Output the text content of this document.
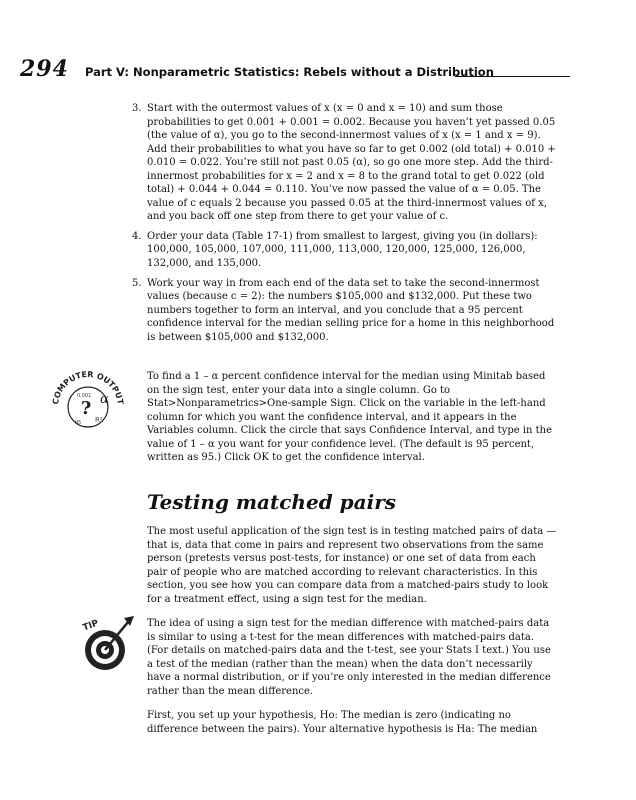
294 Part V: Nonparametric Statistics: Rebels without a Distribution
3. Start with the outermost values of x (x = 0 and x = 10) and sum those probabilities to get 0.001 + 0.001 = 0.002. Because you haven’t yet passed 0.05 (the value of α), you go to the second-innermost values of x (x = 1 and x = 9). Add their probabilities to what you have so far to get 0.002 (old total) + 0.010 + 0.010 = 0.022. You’re still not past 0.05 (α), so go one more step. Add the third-innermost probabilities for x = 2 and x = 8 to the grand total to get 0.022 (old total) + 0.044 + 0.044 = 0.110. You’ve now passed the value of α = 0.05. The value of c equals 2 because you passed 0.05 at the third-innermost values of x, and you back off one step from there to get your value of c.
4. Order your data (Table 17-1) from smallest to largest, giving you (in dollars): 100,000, 105,000, 107,000, 111,000, 113,000, 120,000, 125,000, 126,000, 132,000, and 135,000.
5. Work your way in from each end of the data set to take the second-innermost values (because c = 2): the numbers $105,000 and $132,000. Put these two numbers together to form an interval, and you conclude that a 95 percent confidence interval for the median selling price for a home in this neighborhood is between $105,000 and $132,000.
COMPUTER OUTPUT
? α
0.001
R²
95

To find a 1 – α percent confidence interval for the median using Minitab based on the sign test, enter your data into a single column. Go to Stat>Nonparametrics>One-sample Sign. Click on the variable in the left-hand column for which you want the confidence interval, and it appears in the Variables column. Click the circle that says Confidence Interval, and type in the value of 1 – α you want for your confidence level. (The default is 95 percent, written as 95.) Click OK to get the confidence interval.

Testing matched pairs

The most useful application of the sign test is in testing matched pairs of data — that is, data that come in pairs and represent two observations from the same person (pretests versus post-tests, for instance) or one set of data from each pair of people who are matched according to relevant characteristics. In this section, you see how you can compare data from a matched-pairs study to look for a treatment effect, using a sign test for the median.

TIP	The idea of using a sign test for the median difference with matched-pairs data is similar to using a t-test for the mean differences with matched-pairs data. (For details on matched-pairs data and the t-test, see your Stats I text.) You use a test of the median (rather than the mean) when the data don’t necessarily have a normal distribution, or if you’re only interested in the median difference rather than the mean difference.

First, you set up your hypothesis, Ho: The median is zero (indicating no difference between the pairs). Your alternative hypothesis is Ha: The median
